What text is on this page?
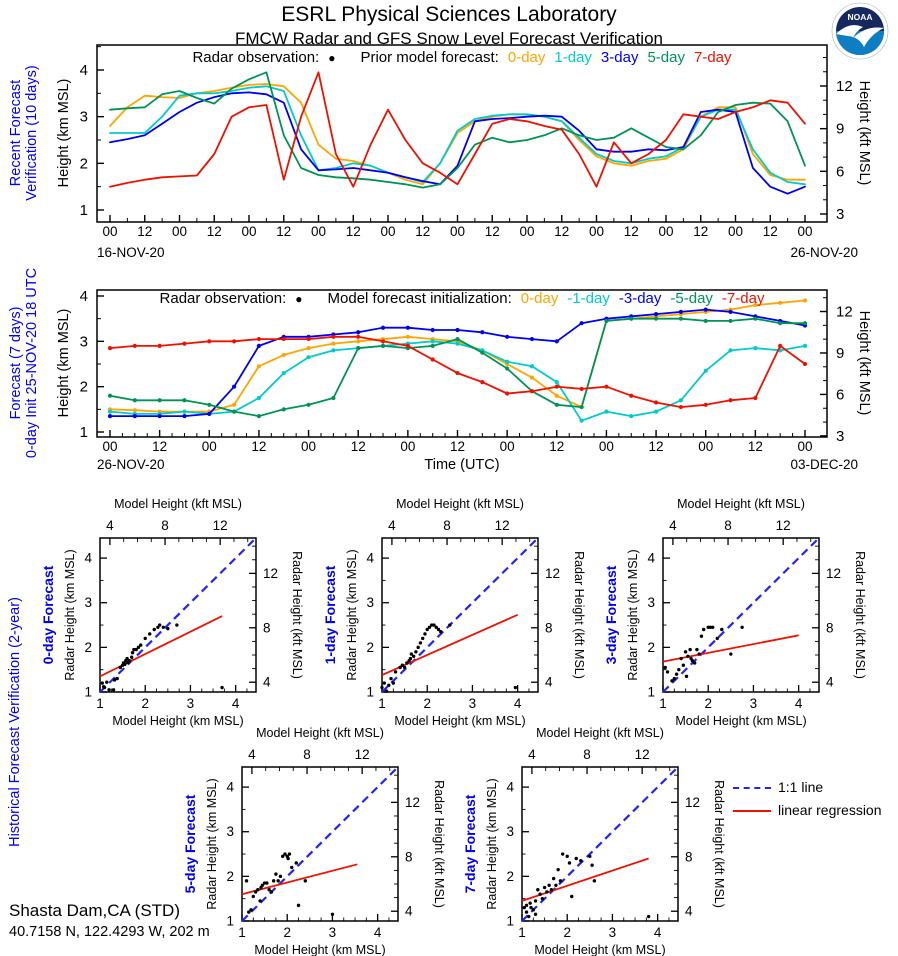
ESRL Physical Sciences Laboratory
FMCW Radar and GFS Snow Level Forecast Verification
NOAA
Recent Forecast Verification (10 days) Height (km MSL)	Height (kft MSL)
00 12 00 12 00 12 00 12 00 12 00 12 00 12 00 12 00 12 00 12 00
1
2
3
4
3
6
9
12
Radar observation: ● Prior model forecast: 0-day 1-day 3-day 5-day 7-day
16-NOV-20	26-NOV-20
Forecast (7 days) 0-day Init 25-NOV-20 18 UTC Height (km MSL)	Height (kft MSL)
00	12	00	12	00	12	00	12	00	12	00	12	00	12	00
1
2
3
4
3
6
9
12
Radar observation: ● Model forecast initialization: 0-day -1-day -3-day -5-day -7-day
26-NOV-20	03-DEC-20
Time (UTC)
Historical Forecast Verification (2-year)	1	2	3	4
1
2
3
4
4
4
8
8
12
12
Model Height (kft MSL)
Model Height (km MSL)
Radar Height (km MSL)
0-day Forecast	Radar Height (kft MSL)
1	2	3	4
1
2
3
4
4
4
8
8
12
12
Model Height (kft MSL)
Model Height (km MSL)
Radar Height (km MSL)
1-day Forecast	Radar Height (kft MSL)
1	2	3	4
1
2
3
4
4
4
8
8
12
12
Model Height (kft MSL)
Model Height (km MSL)
Radar Height (km MSL)
3-day Forecast	Radar Height (kft MSL)
1	2	3	4
1
2
3
4
4
4
8
8
12
12
Model Height (kft MSL)
Model Height (km MSL)
Radar Height (km MSL)
5-day Forecast	Radar Height (kft MSL)
1	2	3	4
1
2
3
4
4
4
8
8
12
12
Model Height (kft MSL)
Model Height (km MSL)
Radar Height (km MSL)
7-day Forecast	Radar Height (kft MSL)	1:1 line
linear regression
Shasta Dam,CA (STD)
40.7158 N, 122.4293 W, 202 m
